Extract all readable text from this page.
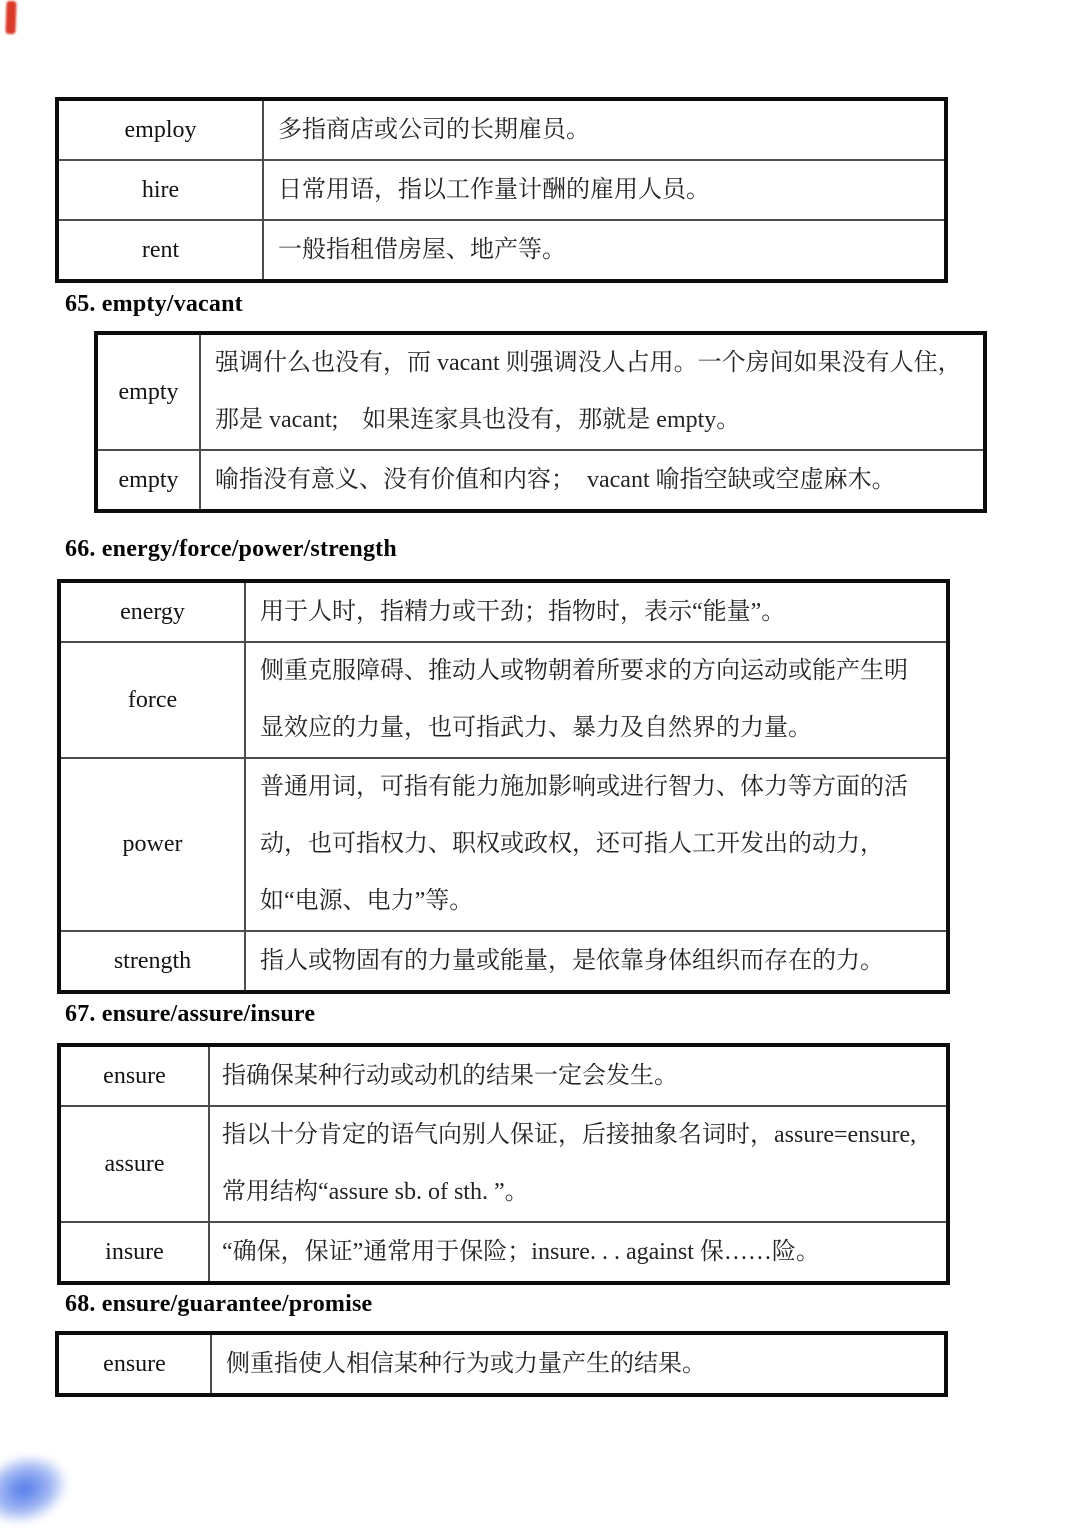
employ	多指商店或公司的长期雇员。
hire	日常用语，指以工作量计酬的雇用人员。
rent	一般指租借房屋、地产等。
65. empty/vacant
empty	强调什么也没有，而 vacant 则强调没人占用。一个房间如果没有人住，那是 vacant;　如果连家具也没有，那就是 empty。
empty	喻指没有意义、没有价值和内容；　vacant 喻指空缺或空虚麻木。
66. energy/force/power/strength
energy	用于人时，指精力或干劲；指物时，表示“能量”。
force	侧重克服障碍、推动人或物朝着所要求的方向运动或能产生明显效应的力量，也可指武力、暴力及自然界的力量。
power	普通用词，可指有能力施加影响或进行智力、体力等方面的活动，也可指权力、职权或政权，还可指人工开发出的动力，如“电源、电力”等。
strength	指人或物固有的力量或能量，是依靠身体组织而存在的力。
67. ensure/assure/insure
ensure	指确保某种行动或动机的结果一定会发生。
assure	指以十分肯定的语气向别人保证，后接抽象名词时，assure=ensure, 常用结构“assure sb. of sth. ”。
insure	“确保，保证”通常用于保险；insure. . . against 保……险。
68. ensure/guarantee/promise
ensure	侧重指使人相信某种行为或力量产生的结果。
